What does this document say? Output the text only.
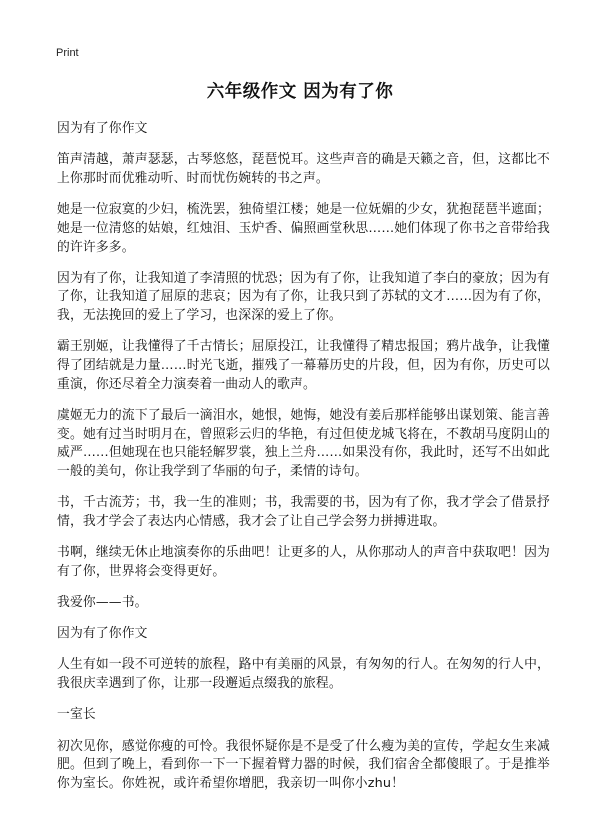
Print
六年级作文 因为有了你

因为有了你作文

笛声清越，萧声瑟瑟，古琴悠悠，琵琶悦耳。这些声音的确是天籁之音，但，这都比不上你那时而优雅动听、时而忧伤婉转的书之声。

她是一位寂寞的少妇，梳洗罢，独倚望江楼；她是一位妩媚的少女，犹抱琵琶半遮面；她是一位清悠的姑娘，红烛泪、玉炉香、偏照画堂秋思……她们体现了你书之音带给我的许许多多。

因为有了你，让我知道了李清照的忧恐；因为有了你，让我知道了李白的豪放；因为有了你，让我知道了屈原的悲哀；因为有了你，让我只到了苏轼的文才……因为有了你，我，无法挽回的爱上了学习，也深深的爱上了你。

霸王别姬，让我懂得了千古情长；屈原投江，让我懂得了精忠报国；鸦片战争，让我懂得了团结就是力量……时光飞逝，摧残了一幕幕历史的片段，但，因为有你，历史可以重演，你还尽着全力演奏着一曲动人的歌声。

虞姬无力的流下了最后一滴泪水，她恨，她悔，她没有姜后那样能够出谋划策、能言善变。她有过当时明月在，曾照彩云归的华艳，有过但使龙城飞将在，不教胡马度阴山的威严……但她现在也只能轻解罗裳，独上兰舟……如果没有你，我此时，还写不出如此一般的美句，你让我学到了华丽的句子，柔情的诗句。

书，千古流芳；书，我一生的准则；书，我需要的书，因为有了你，我才学会了借景抒情，我才学会了表达内心情感，我才会了让自己学会努力拼搏进取。

书啊，继续无休止地演奏你的乐曲吧！让更多的人，从你那动人的声音中获取吧！因为有了你，世界将会变得更好。

我爱你——书。

因为有了你作文

人生有如一段不可逆转的旅程，路中有美丽的风景，有匆匆的行人。在匆匆的行人中，我很庆幸遇到了你，让那一段邂逅点缀我的旅程。

一室长

初次见你，感觉你瘦的可怜。我很怀疑你是不是受了什么瘦为美的宣传，学起女生来减肥。但到了晚上，看到你一下一下握着臂力器的时候，我们宿舍全都傻眼了。于是推举你为室长。你姓祝，或许希望你增肥，我亲切一叫你小zhu！
